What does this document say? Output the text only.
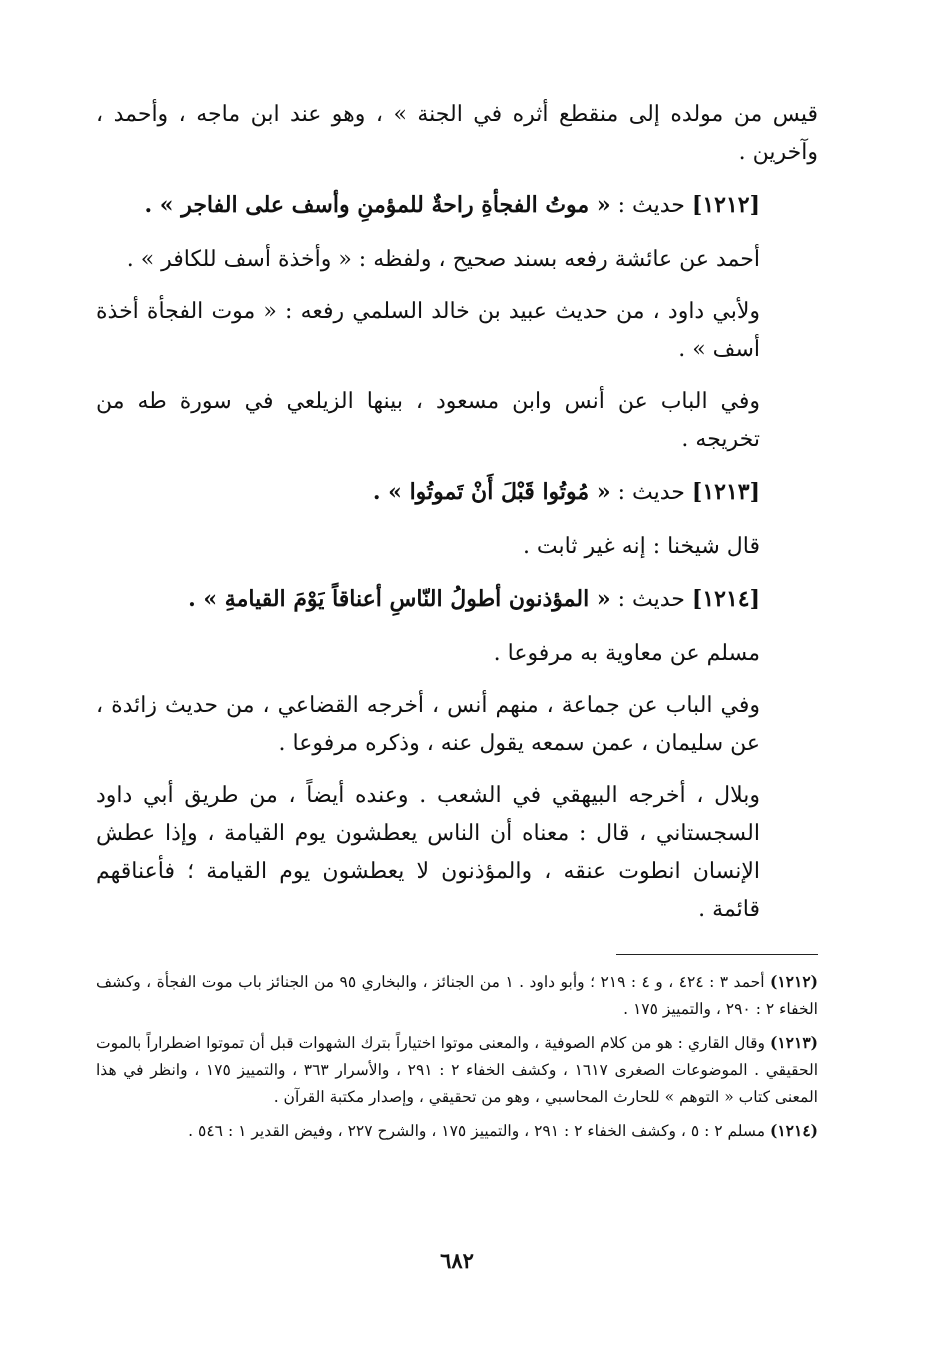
قيس من مولده إلى منقطع أثره في الجنة » ، وهو عند ابن ماجه ، وأحمد ، وآخرين .

[١٢١٢] حديث : « موتُ الفجأةِ راحةٌ للمؤمنِ وأسف على الفاجر » .

أحمد عن عائشة رفعه بسند صحيح ، ولفظه : « وأخذة أسف للكافر » .

ولأبي داود ، من حديث عبيد بن خالد السلمي رفعه : « موت الفجأة أخذة أسف » .

وفي الباب عن أنس وابن مسعود ، بينها الزيلعي في سورة طه من تخريجه .

[١٢١٣] حديث : « مُوتُوا قَبْلَ أَنْ تَموتُوا » .

قال شيخنا : إنه غير ثابت .

[١٢١٤] حديث : « المؤذنون أطولُ النّاسِ أعناقاً يَوْمَ القيامةِ » .

مسلم عن معاوية به مرفوعا .

وفي الباب عن جماعة ، منهم أنس ، أخرجه القضاعي ، من حديث زائدة ، عن سليمان ، عمن سمعه يقول عنه ، وذكره مرفوعا .

وبلال ، أخرجه البيهقي في الشعب . وعنده أيضاً ، من طريق أبي داود السجستاني ، قال : معناه أن الناس يعطشون يوم القيامة ، وإذا عطش الإنسان انطوت عنقه ، والمؤذنون لا يعطشون يوم القيامة ؛ فأعناقهم قائمة .

(١٢١٢) أحمد ٣ : ٤٢٤ ، و ٤ : ٢١٩ ؛ وأبو داود . ١ من الجنائز ، والبخاري ٩٥ من الجنائز باب موت الفجأة ، وكشف الخفاء ٢ : ٢٩٠ ، والتمييز ١٧٥ .

(١٢١٣) وقال القاري : هو من كلام الصوفية ، والمعنى موتوا اختياراً بترك الشهوات قبل أن تموتوا اضطراراً بالموت الحقيقي . الموضوعات الصغرى ١٦١٧ ، وكشف الخفاء ٢ : ٢٩١ ، والأسرار ٣٦٣ ، والتمييز ١٧٥ ، وانظر في هذا المعنى كتاب « التوهم » للحارث المحاسبي ، وهو من تحقيقي ، وإصدار مكتبة القرآن .

(١٢١٤) مسلم ٢ : ٥ ، وكشف الخفاء ٢ : ٢٩١ ، والتمييز ١٧٥ ، والشرح ٢٢٧ ، وفيض القدير ١ : ٥٤٦ .

٦٨٢
